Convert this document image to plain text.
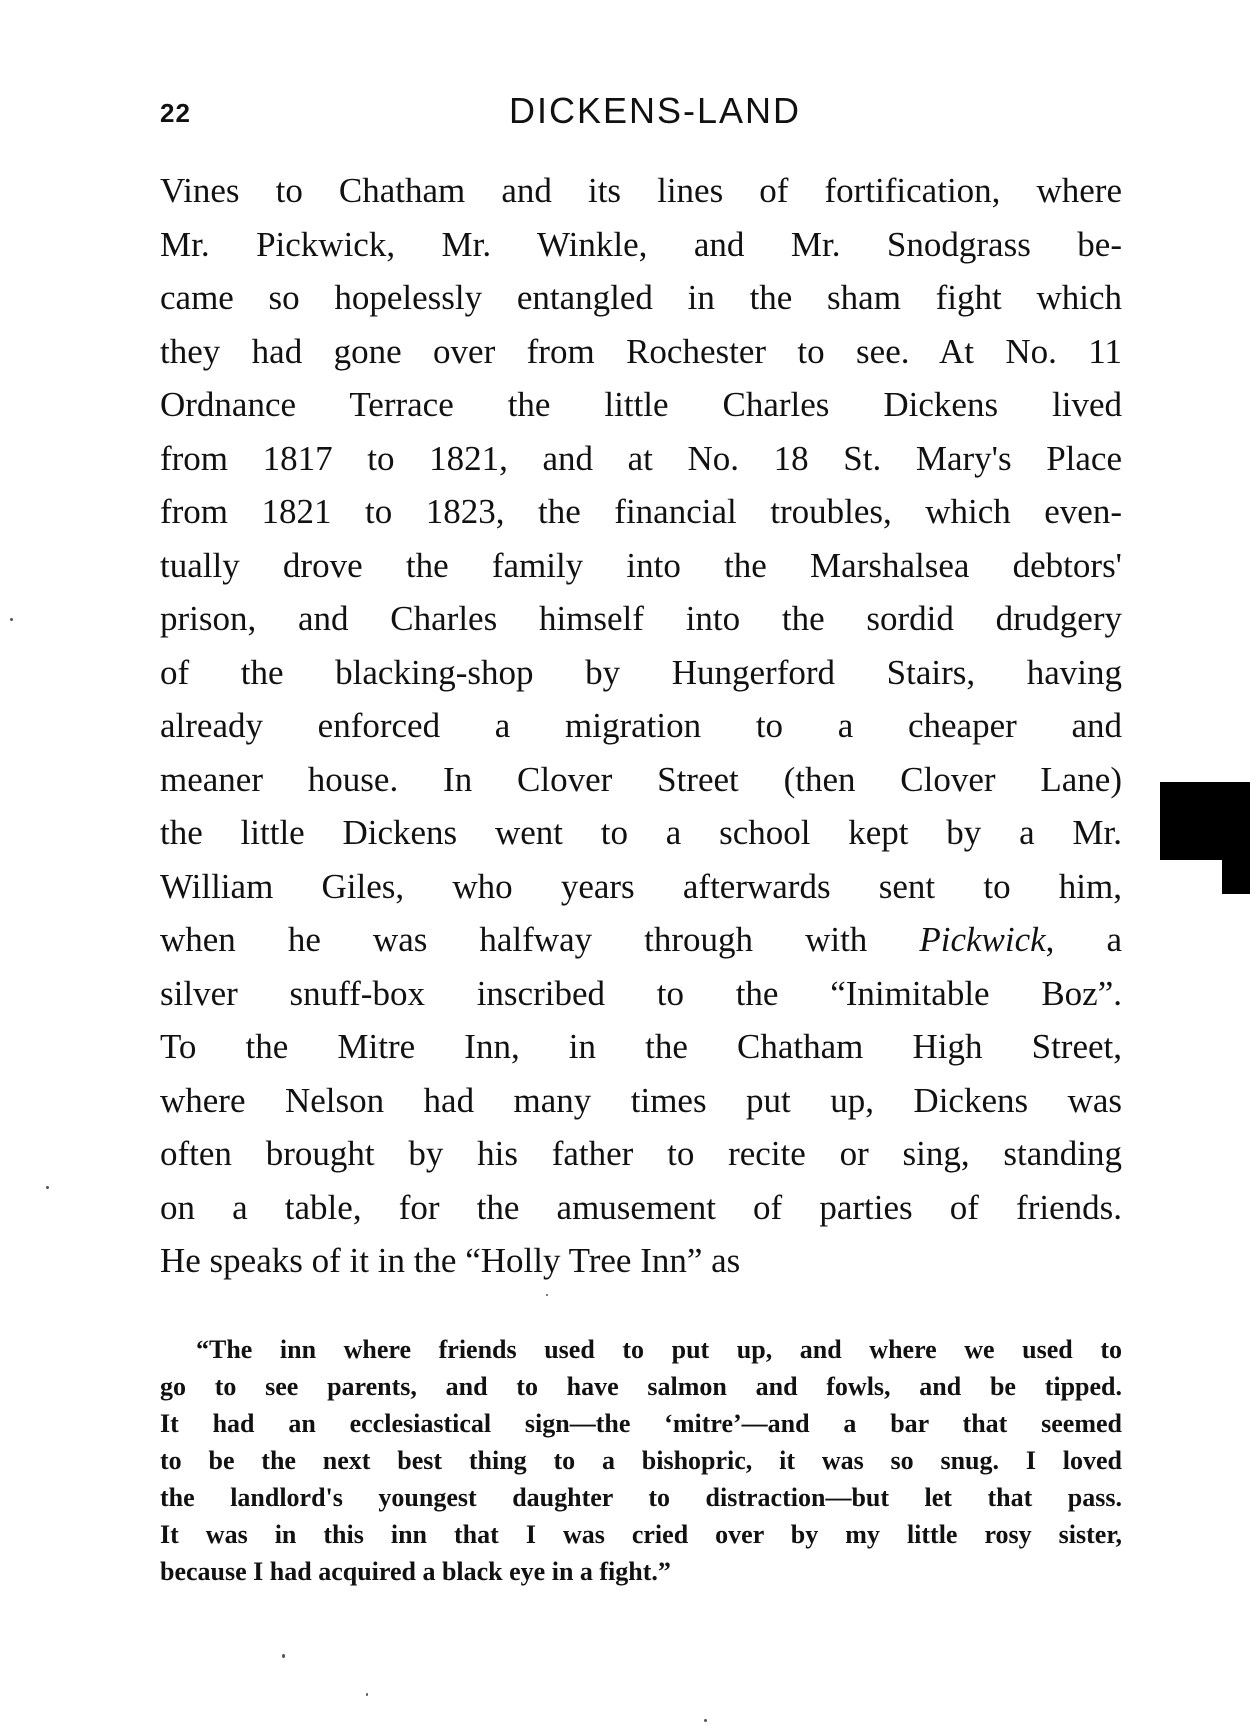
22	DICKENS-LAND
Vines to Chatham and its lines of fortification, where
Mr. Pickwick, Mr. Winkle, and Mr. Snodgrass be-
came so hopelessly entangled in the sham fight which
they had gone over from Rochester to see. At No. 11
Ordnance Terrace the little Charles Dickens lived
from 1817 to 1821, and at No. 18 St. Mary's Place
from 1821 to 1823, the financial troubles, which even-
tually drove the family into the Marshalsea debtors'
prison, and Charles himself into the sordid drudgery
of the blacking-shop by Hungerford Stairs, having
already enforced a migration to a cheaper and
meaner house. In Clover Street (then Clover Lane)
the little Dickens went to a school kept by a Mr.
William Giles, who years afterwards sent to him,
when he was halfway through with Pickwick, a
silver snuff-box inscribed to the “Inimitable Boz”.
To the Mitre Inn, in the Chatham High Street,
where Nelson had many times put up, Dickens was
often brought by his father to recite or sing, standing
on a table, for the amusement of parties of friends.
He speaks of it in the “Holly Tree Inn” as
“The inn where friends used to put up, and where we used to
go to see parents, and to have salmon and fowls, and be tipped.
It had an ecclesiastical sign—the ‘mitre’—and a bar that seemed
to be the next best thing to a bishopric, it was so snug. I loved
the landlord's youngest daughter to distraction—but let that pass.
It was in this inn that I was cried over by my little rosy sister,
because I had acquired a black eye in a fight.”
